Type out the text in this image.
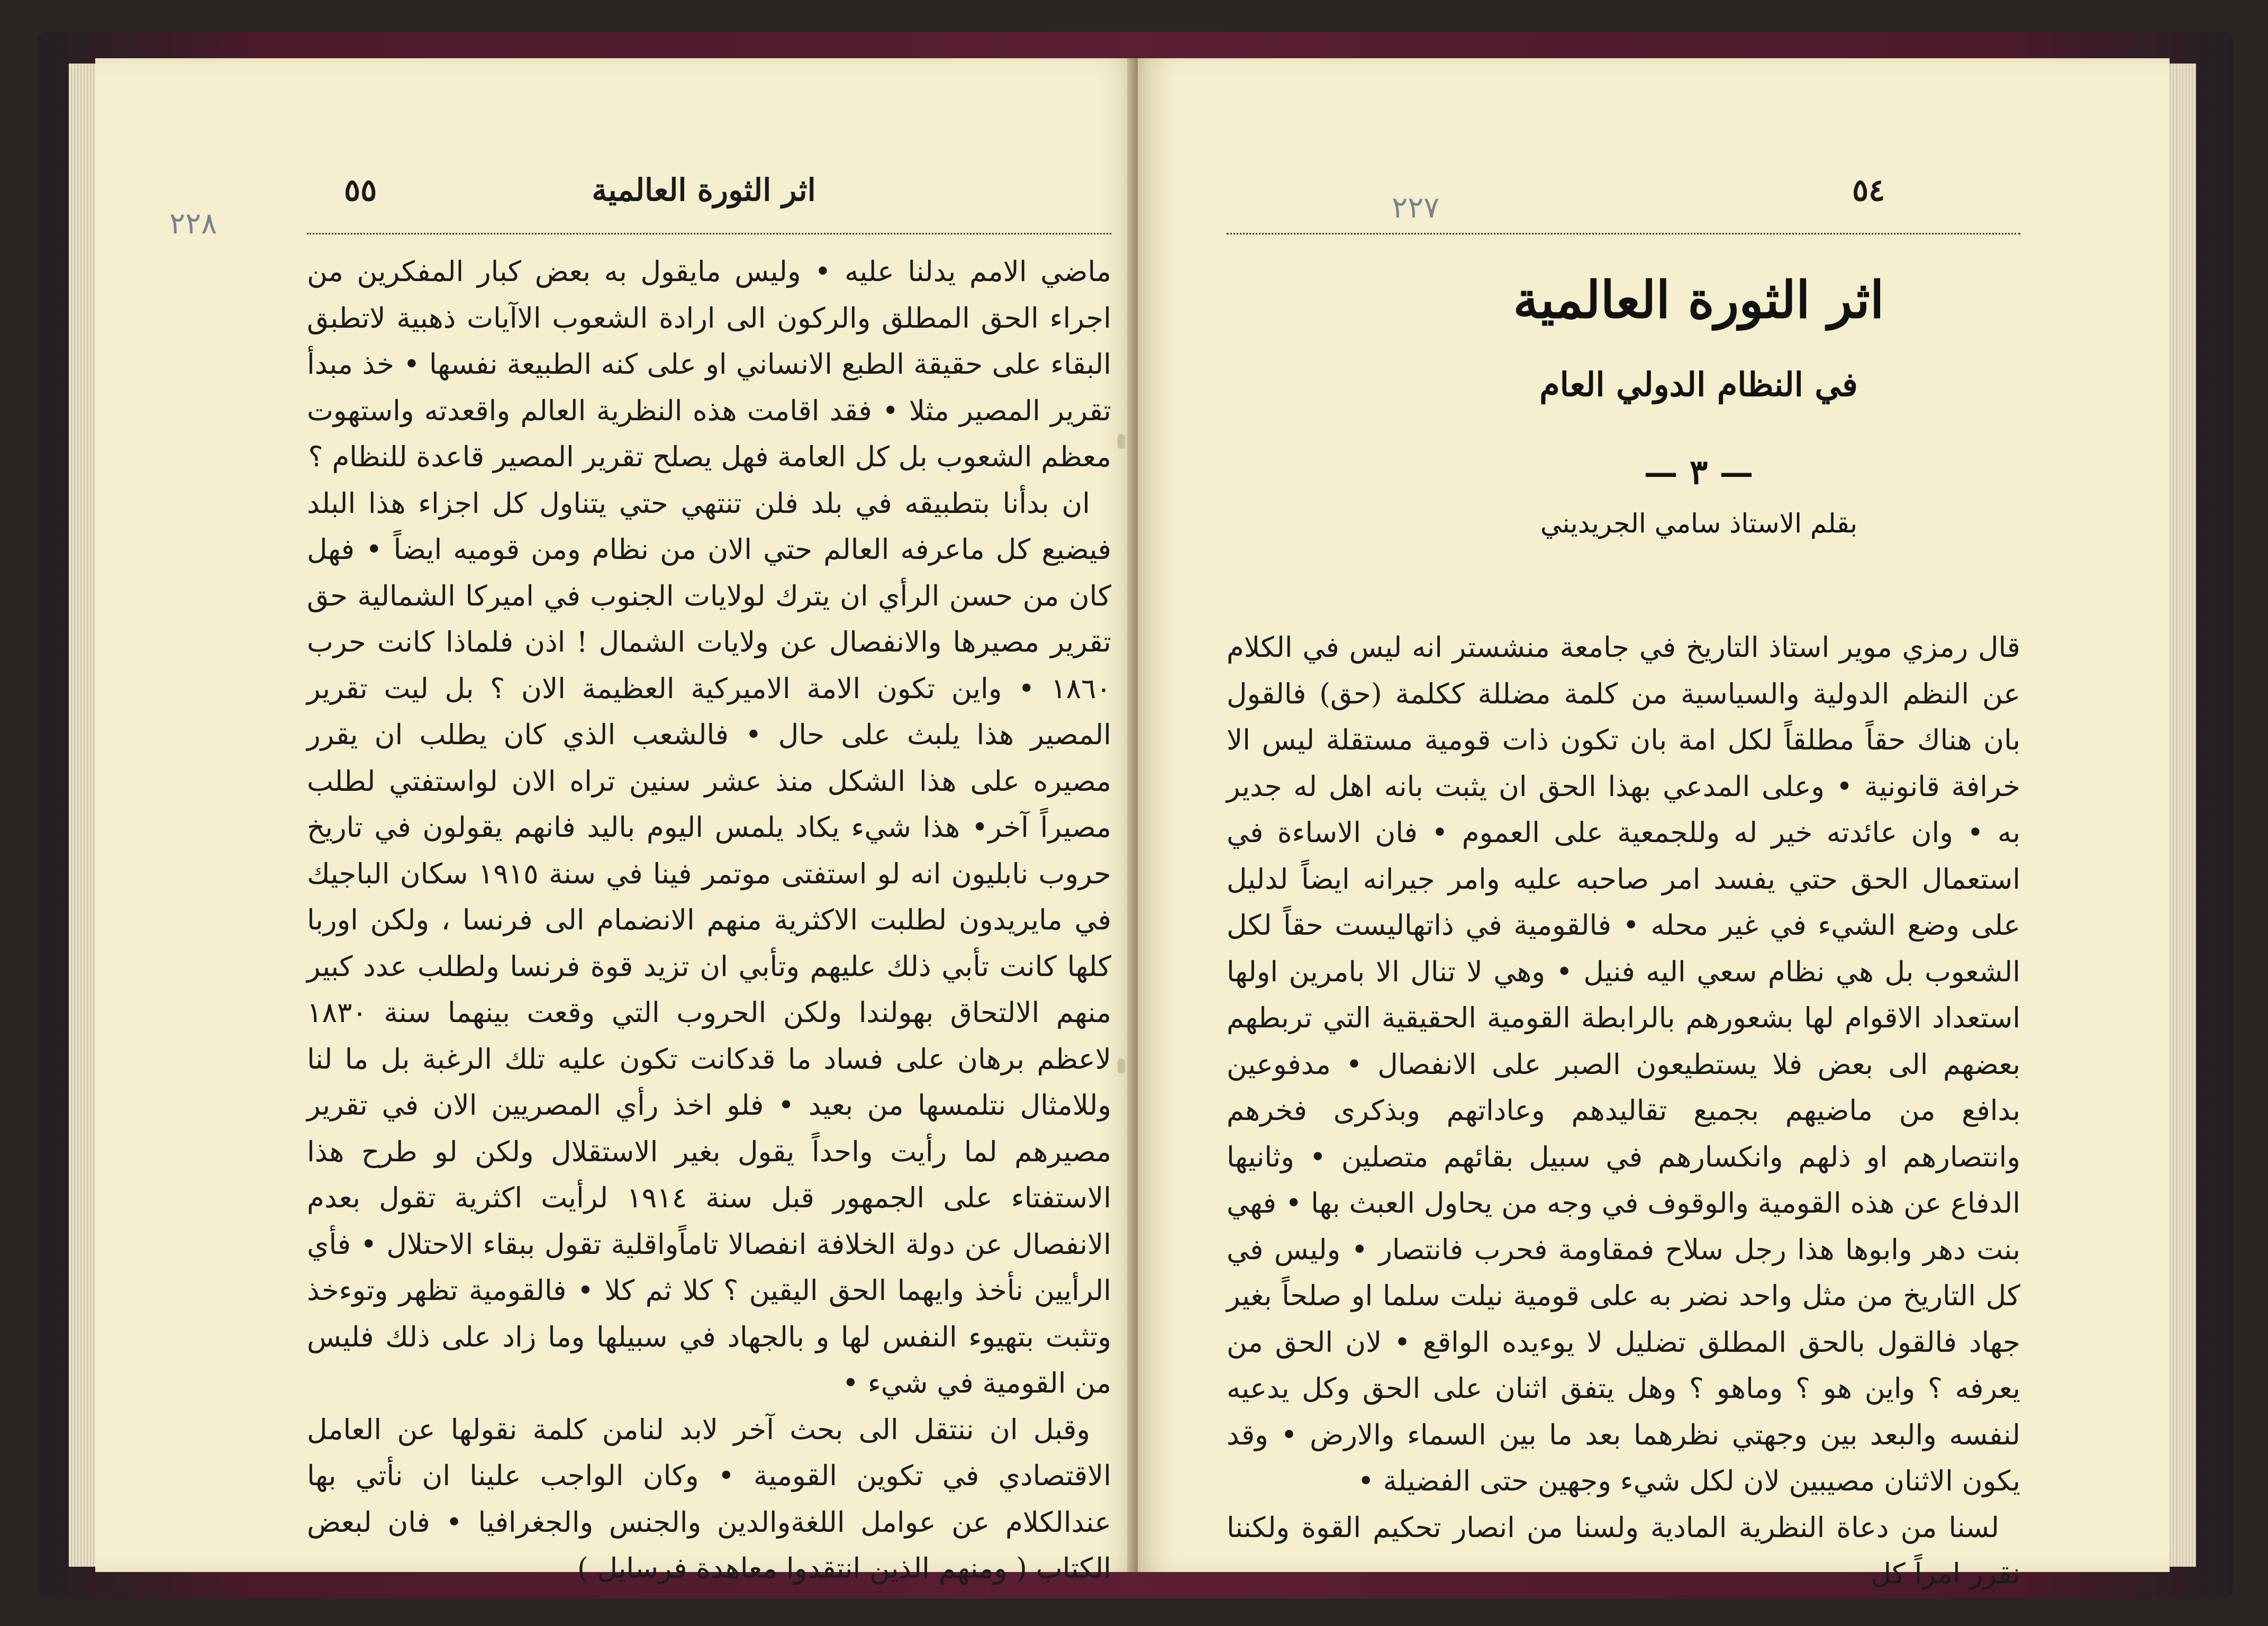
٢٢٨
٥٥	اثر الثورة العالمية

ماضي الامم يدلنا عليه • وليس مايقول به بعض كبار المفكرين من اجراء الحق المطلق والركون الى ارادة الشعوب الاآيات ذهبية لاتطبق البقاء على حقيقة الطبع الانساني او على كنه الطبيعة نفسها • خذ مبدأ تقرير المصير مثلا • فقد اقامت هذه النظرية العالم واقعدته واستهوت معظم الشعوب بل كل العامة فهل يصلح تقرير المصير قاعدة للنظام ؟

ان بدأنا بتطبيقه في بلد فلن تنتهي حتي يتناول كل اجزاء هذا البلد فيضيع كل ماعرفه العالم حتي الان من نظام ومن قوميه ايضاً • فهل كان من حسن الرأي ان يترك لولايات الجنوب في اميركا الشمالية حق تقرير مصيرها والانفصال عن ولايات الشمال ! اذن فلماذا كانت حرب ١٨٦٠ • واين تكون الامة الاميركية العظيمة الان ؟ بل ليت تقرير المصير هذا يلبث على حال • فالشعب الذي كان يطلب ان يقرر مصيره على هذا الشكل منذ عشر سنين تراه الان لواستفتي لطلب مصيراً آخر• هذا شيء يكاد يلمس اليوم باليد فانهم يقولون في تاريخ حروب نابليون انه لو استفتى موتمر فينا في سنة ١٩١٥ سكان الباجيك في مايريدون لطلبت الاكثرية منهم الانضمام الى فرنسا ، ولكن اوربا كلها كانت تأبي ذلك عليهم وتأبي ان تزيد قوة فرنسا ولطلب عدد كبير منهم الالتحاق بهولندا ولكن الحروب التي وقعت بينهما سنة ١٨٣٠ لاعظم برهان على فساد ما قدكانت تكون عليه تلك الرغبة بل ما لنا وللامثال نتلمسها من بعيد • فلو اخذ رأي المصريين الان في تقرير مصيرهم لما رأيت واحداً يقول بغير الاستقلال ولكن لو طرح هذا الاستفتاء على الجمهور قبل سنة ١٩١٤ لرأيت اكثرية تقول بعدم الانفصال عن دولة الخلافة انفصالا تاماًواقلية تقول ببقاء الاحتلال • فأي الرأيين نأخذ وايهما الحق اليقين ؟ كلا ثم كلا • فالقومية تظهر وتوءخذ وتثبت بتهيوء النفس لها و بالجهاد في سبيلها وما زاد على ذلك فليس من القومية في شيء •

وقبل ان ننتقل الى بحث آخر لابد لنامن كلمة نقولها عن العامل الاقتصادي في تكوين القومية • وكان الواجب علينا ان نأتي بها عندالكلام عن عوامل اللغةوالدين والجنس والجغرافيا • فان لبعض الكتاب ( ومنهم الذين انتقدوا معاهدة فرسايل )

٥٤
٢٢٧

قال رمزي موير استاذ التاريخ في جامعة منشستر انه ليس في الكلام عن النظم الدولية والسياسية من كلمة مضللة ككلمة (حق) فالقول بان هناك حقاً مطلقاً لكل امة بان تكون ذات قومية مستقلة ليس الا خرافة قانونية • وعلى المدعي بهذا الحق ان يثبت بانه اهل له جدير به • وان عائدته خير له وللجمعية على العموم • فان الاساءة في استعمال الحق حتي يفسد امر صاحبه عليه وامر جيرانه ايضاً لدليل على وضع الشيء في غير محله • فالقومية في ذاتهاليست حقاً لكل الشعوب بل هي نظام سعي اليه فنيل • وهي لا تنال الا بامرين اولها استعداد الاقوام لها بشعورهم بالرابطة القومية الحقيقية التي تربطهم بعضهم الى بعض فلا يستطيعون الصبر على الانفصال • مدفوعين بدافع من ماضيهم بجميع تقاليدهم وعاداتهم وبذكرى فخرهم وانتصارهم او ذلهم وانكسارهم في سبيل بقائهم متصلين • وثانيها الدفاع عن هذه القومية والوقوف في وجه من يحاول العبث بها • فهي بنت دهر وابوها هذا رجل سلاح فمقاومة فحرب فانتصار • وليس في كل التاريخ من مثل واحد نضر به على قومية نيلت سلما او صلحاً بغير جهاد فالقول بالحق المطلق تضليل لا يوءيده الواقع • لان الحق من يعرفه ؟ واين هو ؟ وماهو ؟ وهل يتفق اثنان على الحق وكل يدعيه لنفسه والبعد بين وجهتي نظرهما بعد ما بين السماء والارض • وقد يكون الاثنان مصيبين لان لكل شيء وجهين حتى الفضيلة •

لسنا من دعاة النظرية المادية ولسنا من انصار تحكيم القوة ولكننا نقرر امراً كل

اثر الثورة العالمية
في النظام الدولي العام
— ٣ —
بقلم الاستاذ سامي الجريديني
